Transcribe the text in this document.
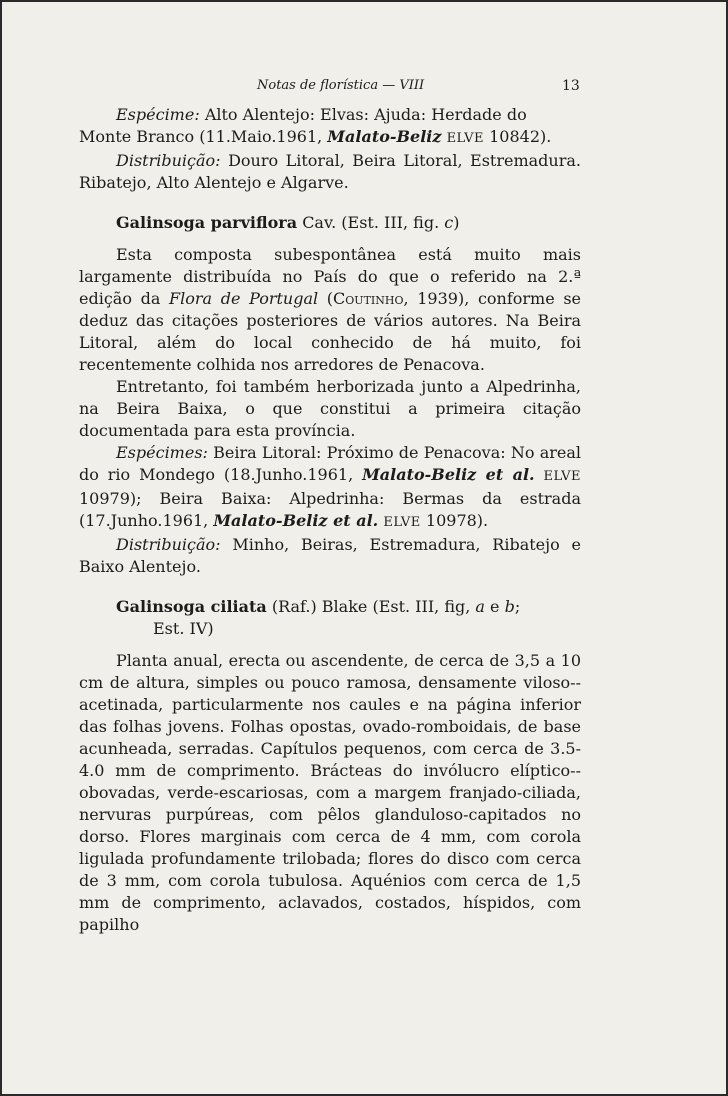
Notas de florística — VIII	13

Espécime: Alto Alentejo: Elvas: Ajuda: Herdade do
Monte Branco (11.Maio.1961, Malato-Beliz ELVE 10842).

Distribuição: Douro Litoral, Beira Litoral, Estremadura. Ribatejo, Alto Alentejo e Algarve.

Galinsoga parviflora Cav. (Est. III, fig. c)

Esta composta subespontânea está muito mais largamente distribuída no País do que o referido na 2.ª edição da Flora de Portugal (Coutinho, 1939), conforme se deduz das citações posteriores de vários autores. Na Beira Litoral, além do local conhecido de há muito, foi recentemente colhida nos arredores de Penacova.

Entretanto, foi também herborizada junto a Alpedrinha, na Beira Baixa, o que constitui a primeira citação documentada para esta província.

Espécimes: Beira Litoral: Próximo de Penacova: No areal do rio Mondego (18.Junho.1961, Malato-Beliz et al. ELVE 10979); Beira Baixa: Alpedrinha: Bermas da estrada (17.Junho.1961, Malato-Beliz et al. ELVE 10978).

Distribuição: Minho, Beiras, Estremadura, Ribatejo e Baixo Alentejo.

Galinsoga ciliata (Raf.) Blake (Est. III, fig, a e b;
Est. IV)

Planta anual, erecta ou ascendente, de cerca de 3,5 a 10 cm de altura, simples ou pouco ramosa, densamente viloso--acetinada, particularmente nos caules e na página inferior das folhas jovens. Folhas opostas, ovado-romboidais, de base acunheada, serradas. Capítulos pequenos, com cerca de 3.5-4.0 mm de comprimento. Brácteas do invólucro elíptico--obovadas, verde-escariosas, com a margem franjado-ciliada, nervuras purpúreas, com pêlos glanduloso-capitados no dorso. Flores marginais com cerca de 4 mm, com corola ligulada profundamente trilobada; flores do disco com cerca de 3 mm, com corola tubulosa. Aquénios com cerca de 1,5 mm de comprimento, aclavados, costados, híspidos, com papilho
